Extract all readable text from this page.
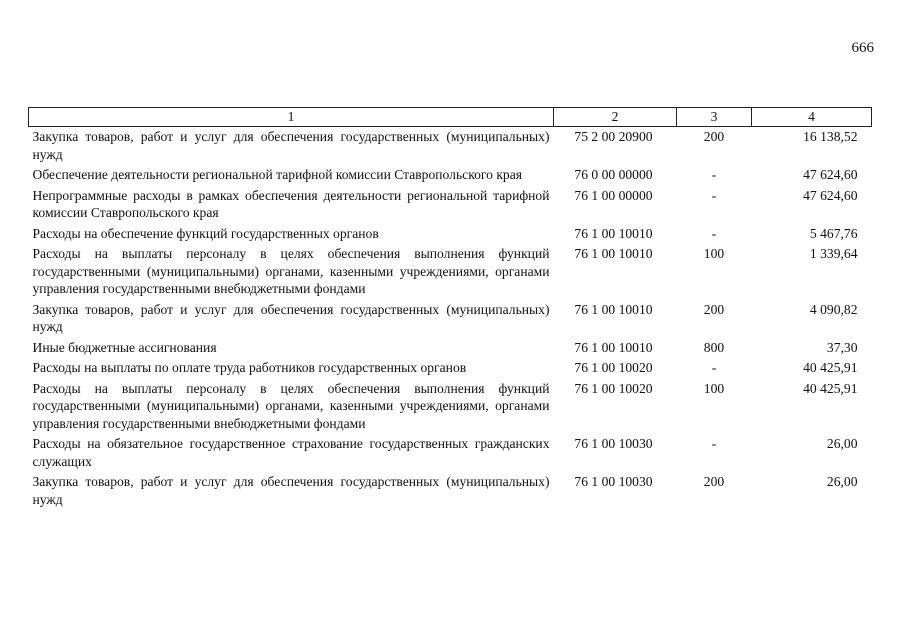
666
1	2	3	4
Закупка товаров, работ и услуг для обеспечения государственных (муниципальных) нужд	75 2 00 20900	200	16 138,52
Обеспечение деятельности региональной тарифной комиссии Ставропольского края	76 0 00 00000	-	47 624,60
Непрограммные расходы в рамках обеспечения деятельности региональной тарифной комиссии Ставропольского края	76 1 00 00000	-	47 624,60
Расходы на обеспечение функций государственных органов	76 1 00 10010	-	5 467,76
Расходы на выплаты персоналу в целях обеспечения выполнения функций государственными (муниципальными) органами, казенными учреждениями, органами управления государственными внебюджетными фондами	76 1 00 10010	100	1 339,64
Закупка товаров, работ и услуг для обеспечения государственных (муниципальных) нужд	76 1 00 10010	200	4 090,82
Иные бюджетные ассигнования	76 1 00 10010	800	37,30
Расходы на выплаты по оплате труда работников государственных органов	76 1 00 10020	-	40 425,91
Расходы на выплаты персоналу в целях обеспечения выполнения функций государственными (муниципальными) органами, казенными учреждениями, органами управления государственными внебюджетными фондами	76 1 00 10020	100	40 425,91
Расходы на обязательное государственное страхование государственных гражданских служащих	76 1 00 10030	-	26,00
Закупка товаров, работ и услуг для обеспечения государственных (муниципальных) нужд	76 1 00 10030	200	26,00
